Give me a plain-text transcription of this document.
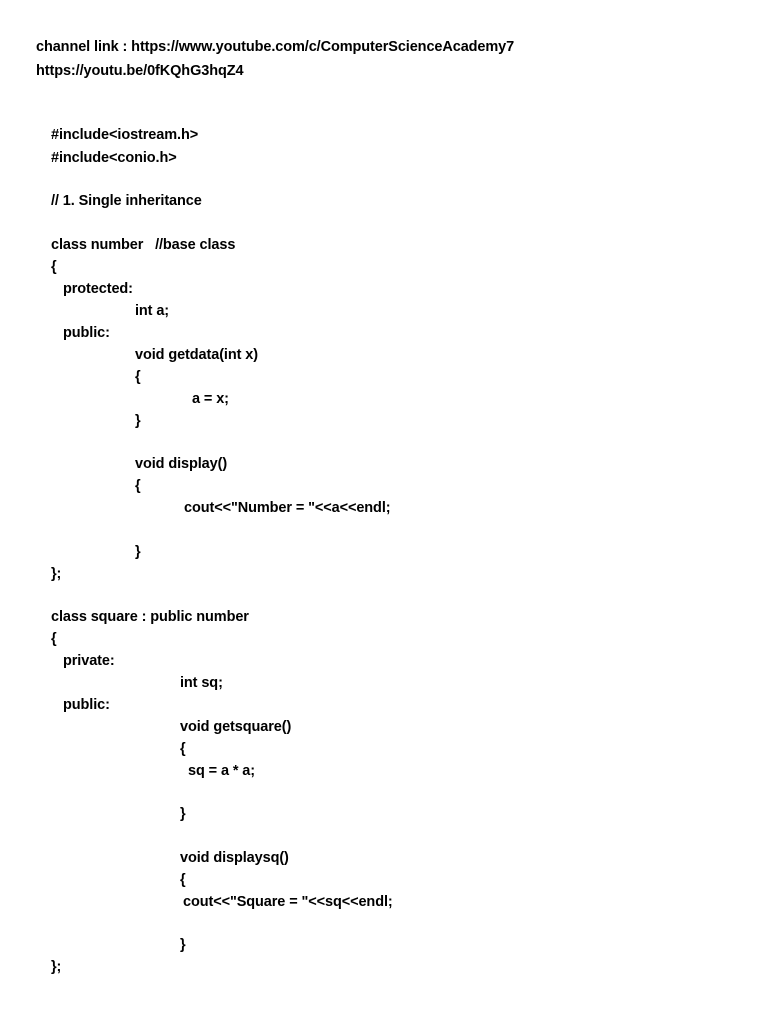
channel link : https://www.youtube.com/c/ComputerScienceAcademy7
https://youtu.be/0fKQhG3hqZ4
#include<iostream.h>
#include<conio.h>
// 1. Single inheritance
class number   //base class
{
protected:
int a;
public:
void getdata(int x)
{
a = x;
}
void display()
{
cout<<"Number = "<<a<<endl;
}
};
class square : public number
{
private:
int sq;
public:
void getsquare()
{
sq = a * a;
}
void displaysq()
{
cout<<"Square = "<<sq<<endl;
}
};
